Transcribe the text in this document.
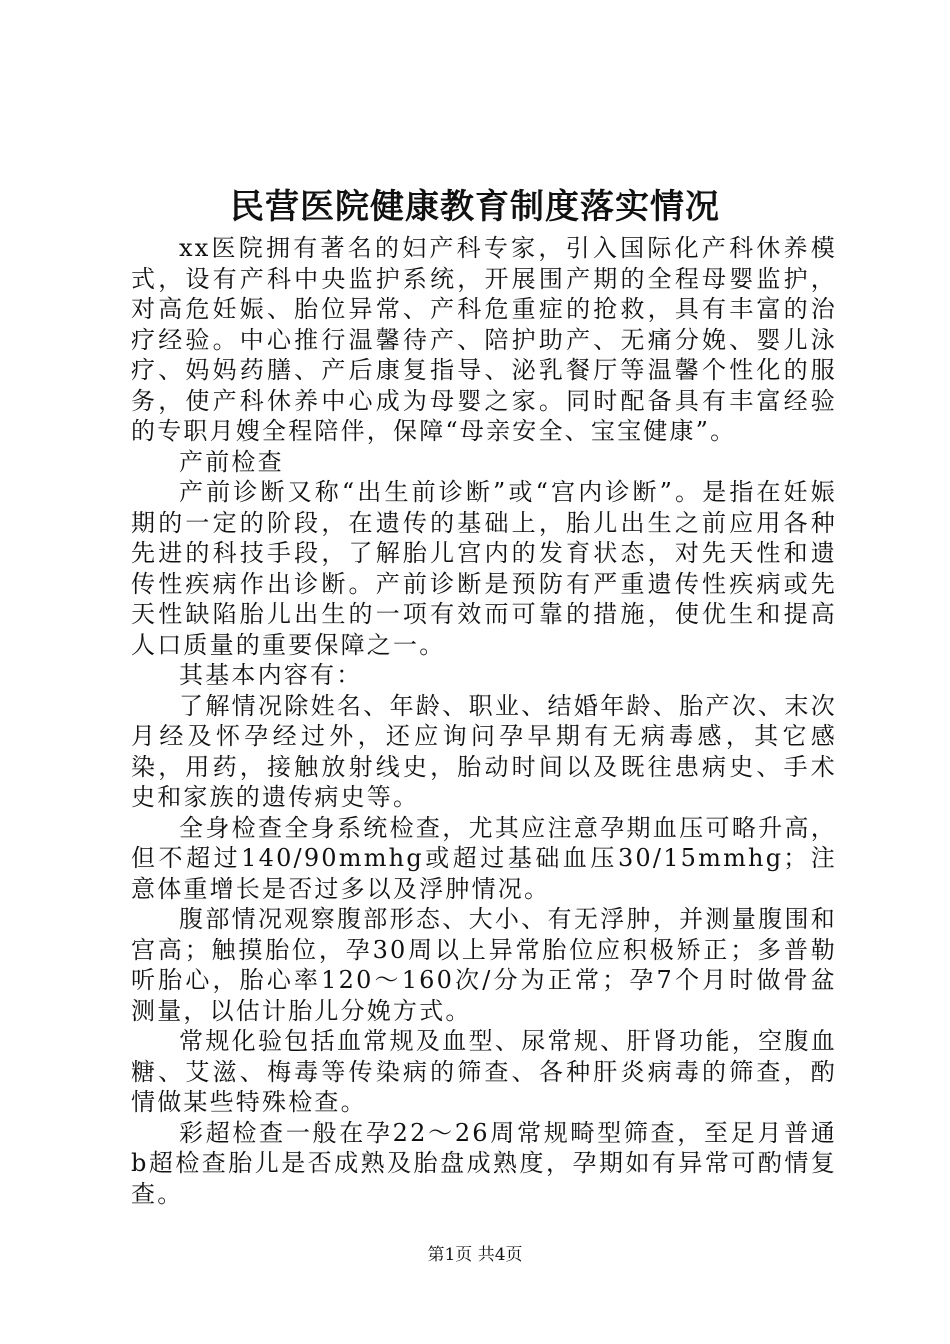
民营医院健康教育制度落实情况

xx医院拥有著名的妇产科专家，引入国际化产科休养模式，设有产科中央监护系统，开展围产期的全程母婴监护，对高危妊娠、胎位异常、产科危重症的抢救，具有丰富的治疗经验。中心推行温馨待产、陪护助产、无痛分娩、婴儿泳疗、妈妈药膳、产后康复指导、泌乳餐厅等温馨个性化的服务，使产科休养中心成为母婴之家。同时配备具有丰富经验的专职月嫂全程陪伴，保障“母亲安全、宝宝健康”。

产前检查

产前诊断又称“出生前诊断”或“宫内诊断”。是指在妊娠期的一定的阶段，在遗传的基础上，胎儿出生之前应用各种先进的科技手段，了解胎儿宫内的发育状态，对先天性和遗传性疾病作出诊断。产前诊断是预防有严重遗传性疾病或先天性缺陷胎儿出生的一项有效而可靠的措施，使优生和提高人口质量的重要保障之一。

其基本内容有：

了解情况除姓名、年龄、职业、结婚年龄、胎产次、末次月经及怀孕经过外，还应询问孕早期有无病毒感，其它感染，用药，接触放射线史，胎动时间以及既往患病史、手术史和家族的遗传病史等。

全身检查全身系统检查，尤其应注意孕期血压可略升高，但不超过140/90mmhg或超过基础血压30/15mmhg；注意体重增长是否过多以及浮肿情况。

腹部情况观察腹部形态、大小、有无浮肿，并测量腹围和宫高；触摸胎位，孕30周以上异常胎位应积极矫正；多普勒听胎心，胎心率120～160次/分为正常；孕7个月时做骨盆测量，以估计胎儿分娩方式。

常规化验包括血常规及血型、尿常规、肝肾功能，空腹血糖、艾滋、梅毒等传染病的筛查、各种肝炎病毒的筛查，酌情做某些特殊检查。

彩超检查一般在孕22～26周常规畸型筛查，至足月普通b超检查胎儿是否成熟及胎盘成熟度，孕期如有异常可酌情复查。

第1页 共4页
